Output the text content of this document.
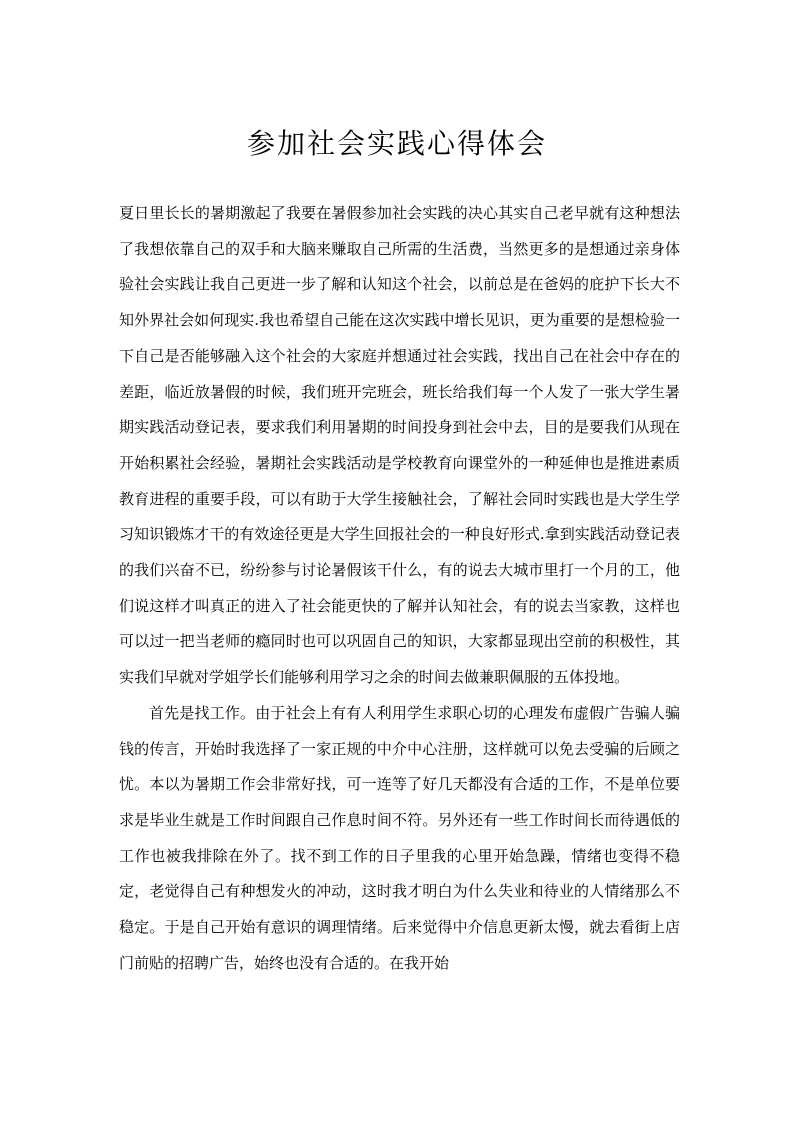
参加社会实践心得体会

夏日里长长的暑期激起了我要在暑假参加社会实践的决心其实自己老早就有这种想法了我想依靠自己的双手和大脑来赚取自己所需的生活费，当然更多的是想通过亲身体验社会实践让我自己更进一步了解和认知这个社会，以前总是在爸妈的庇护下长大不知外界社会如何现实.我也希望自己能在这次实践中增长见识，更为重要的是想检验一下自己是否能够融入这个社会的大家庭并想通过社会实践，找出自己在社会中存在的差距，临近放暑假的时候，我们班开完班会，班长给我们每一个人发了一张大学生暑期实践活动登记表，要求我们利用暑期的时间投身到社会中去，目的是要我们从现在开始积累社会经验，暑期社会实践活动是学校教育向课堂外的一种延伸也是推进素质教育进程的重要手段，可以有助于大学生接触社会，了解社会同时实践也是大学生学习知识锻炼才干的有效途径更是大学生回报社会的一种良好形式.拿到实践活动登记表的我们兴奋不已，纷纷参与讨论暑假该干什么，有的说去大城市里打一个月的工，他们说这样才叫真正的进入了社会能更快的了解并认知社会，有的说去当家教，这样也可以过一把当老师的瘾同时也可以巩固自己的知识，大家都显现出空前的积极性，其实我们早就对学姐学长们能够利用学习之余的时间去做兼职佩服的五体投地。

首先是找工作。由于社会上有有人利用学生求职心切的心理发布虚假广告骗人骗钱的传言，开始时我选择了一家正规的中介中心注册，这样就可以免去受骗的后顾之忧。本以为暑期工作会非常好找，可一连等了好几天都没有合适的工作，不是单位要求是毕业生就是工作时间跟自己作息时间不符。另外还有一些工作时间长而待遇低的工作也被我排除在外了。找不到工作的日子里我的心里开始急躁，情绪也变得不稳定，老觉得自己有种想发火的冲动，这时我才明白为什么失业和待业的人情绪那么不稳定。于是自己开始有意识的调理情绪。后来觉得中介信息更新太慢，就去看街上店门前贴的招聘广告，始终也没有合适的。在我开始
